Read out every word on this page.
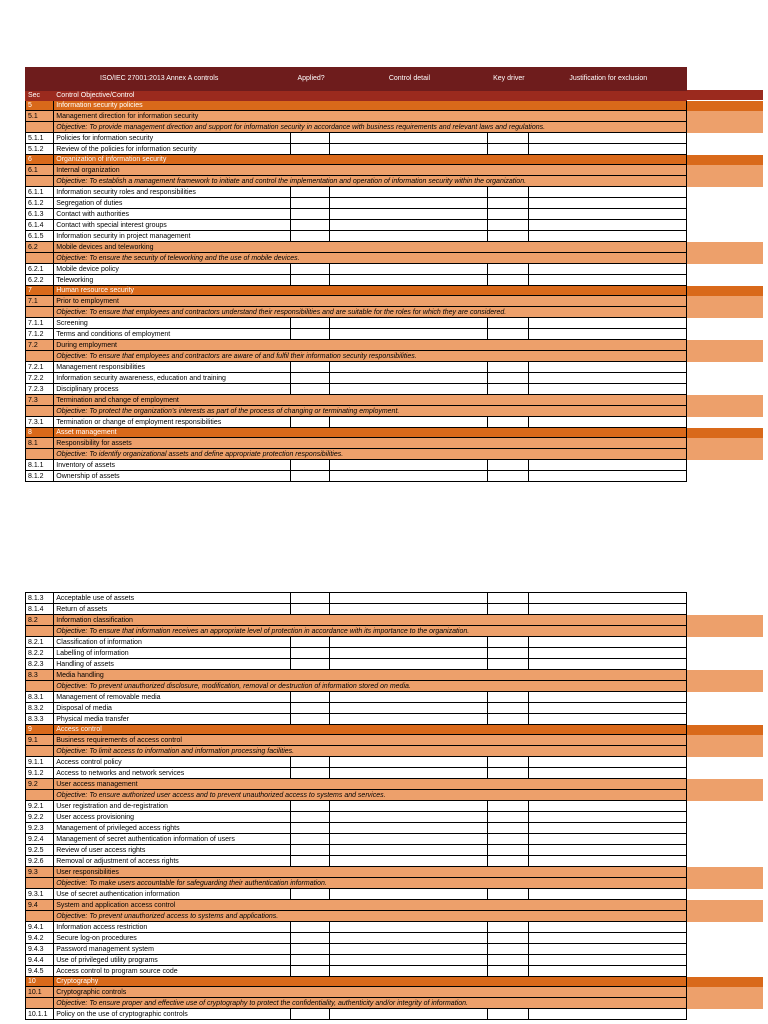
ISO/IEC 27001:2013 Annex A controls		Applied?	Control detail	Key driver	Justification for exclusion
Sec	Control Objective/Control				
5	Information security policies				
5.1	Management direction for information security				
	Objective: To provide management direction and support for information security in accordance with business requirements and relevant laws and regulations.				
5.1.1	Policies for information security				
5.1.2	Review of the policies for information security				
6	Organization of information security				
6.1	Internal organization				
	Objective: To establish a management framework to initiate and control the implementation and operation of information security within the organization.				
6.1.1	Information security roles and responsibilities				
6.1.2	Segregation of duties				
6.1.3	Contact with authorities				
6.1.4	Contact with special interest groups				
6.1.5	Information security in project management				
6.2	Mobile devices and teleworking				
	Objective: To ensure the security of teleworking and the use of mobile devices.				
6.2.1	Mobile device policy				
6.2.2	Teleworking				
7	Human resource security				
7.1	Prior to employment				
	Objective: To ensure that employees and contractors understand their responsibilities and are suitable for the roles for which they are considered.				
7.1.1	Screening				
7.1.2	Terms and conditions of employment				
7.2	During employment				
	Objective: To ensure that employees and contractors are aware of and fulfil their information security responsibilities.				
7.2.1	Management responsibilities				
7.2.2	Information security awareness, education and training				
7.2.3	Disciplinary process				
7.3	Termination and change of employment				
	Objective: To protect the organization's interests as part of the process of changing or terminating employment.				
7.3.1	Termination or change of employment responsibilities				
8	Asset management				
8.1	Responsibility for assets				
	Objective: To identify organizational assets and define appropriate protection responsibilities.				
8.1.1	Inventory of assets				
8.1.2	Ownership of assets				
8.1.3	Acceptable use of assets				
8.1.4	Return of assets				
8.2	Information classification				
	Objective: To ensure that information receives an appropriate level of protection in accordance with its importance to the organization.				
8.2.1	Classification of information				
8.2.2	Labelling of information				
8.2.3	Handling of assets				
8.3	Media handling				
	Objective: To prevent unauthorized disclosure, modification, removal or destruction of information stored on media.				
8.3.1	Management of removable media				
8.3.2	Disposal of media				
8.3.3	Physical media transfer				
9	Access control				
9.1	Business requirements of access control				
	Objective: To limit access to information and information processing facilities.				
9.1.1	Access control policy				
9.1.2	Access to networks and network services				
9.2	User access management				
	Objective: To ensure authorized user access and to prevent unauthorized access to systems and services.				
9.2.1	User registration and de-registration				
9.2.2	User access provisioning				
9.2.3	Management of privileged access rights				
9.2.4	Management of secret authentication information of users				
9.2.5	Review of user access rights				
9.2.6	Removal or adjustment of access rights				
9.3	User responsibilities				
	Objective: To make users accountable for safeguarding their authentication information.				
9.3.1	Use of secret authentication information				
9.4	System and application access control				
	Objective: To prevent unauthorized access to systems and applications.				
9.4.1	Information access restriction				
9.4.2	Secure log-on procedures				
9.4.3	Password management system				
9.4.4	Use of privileged utility programs				
9.4.5	Access control to program source code				
10	Cryptography				
10.1	Cryptographic controls				
	Objective: To ensure proper and effective use of cryptography to protect the confidentiality, authenticity and/or integrity of information.				
10.1.1	Policy on the use of cryptographic controls				
